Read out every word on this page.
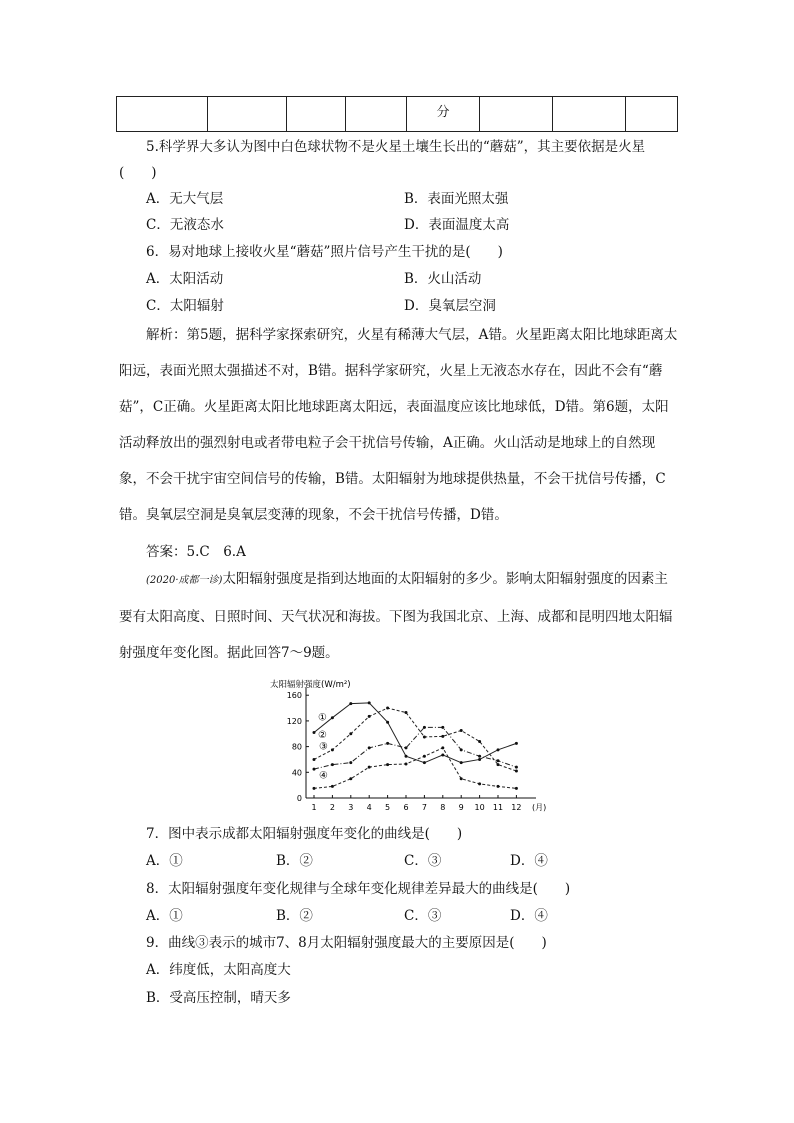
				分			
5.科学界大多认为图中白色球状物不是火星土壤生长出的“蘑菇”，其主要依据是火星
(　　)
A．无大气层	B．表面光照太强
C．无液态水	D．表面温度太高
6．易对地球上接收火星“蘑菇”照片信号产生干扰的是(　　)
A．太阳活动	B．火山活动
C．太阳辐射	D．臭氧层空洞
解析：第5题，据科学家探索研究，火星有稀薄大气层，A错。火星距离太阳比地球距离太阳远，表面光照太强描述不对，B错。据科学家研究，火星上无液态水存在，因此不会有“蘑菇”，C正确。火星距离太阳比地球距离太阳远，表面温度应该比地球低，D错。第6题，太阳活动释放出的强烈射电或者带电粒子会干扰信号传输，A正确。火山活动是地球上的自然现象，不会干扰宇宙空间信号的传输，B错。太阳辐射为地球提供热量，不会干扰信号传播，C错。臭氧层空洞是臭氧层变薄的现象，不会干扰信号传播，D错。
答案：5.C　6.A
(2020·成都一诊)太阳辐射强度是指到达地面的太阳辐射的多少。影响太阳辐射强度的因素主要有太阳高度、日照时间、天气状况和海拔。下图为我国北京、上海、成都和昆明四地太阳辐射强度年变化图。据此回答7～9题。
太阳辐射强度(W/m²)
(月)
0
40
80
120
160
1 2 3 4 5 6 7 8 9 10 11 12
①
②
③
④
7．图中表示成都太阳辐射强度年变化的曲线是(　　)
A．①	B．②	C．③	D．④
8．太阳辐射强度年变化规律与全球年变化规律差异最大的曲线是(　　)
A．①	B．②	C．③	D．④
9．曲线③表示的城市7、8月太阳辐射强度最大的主要原因是(　　)
A．纬度低，太阳高度大
B．受高压控制，晴天多
